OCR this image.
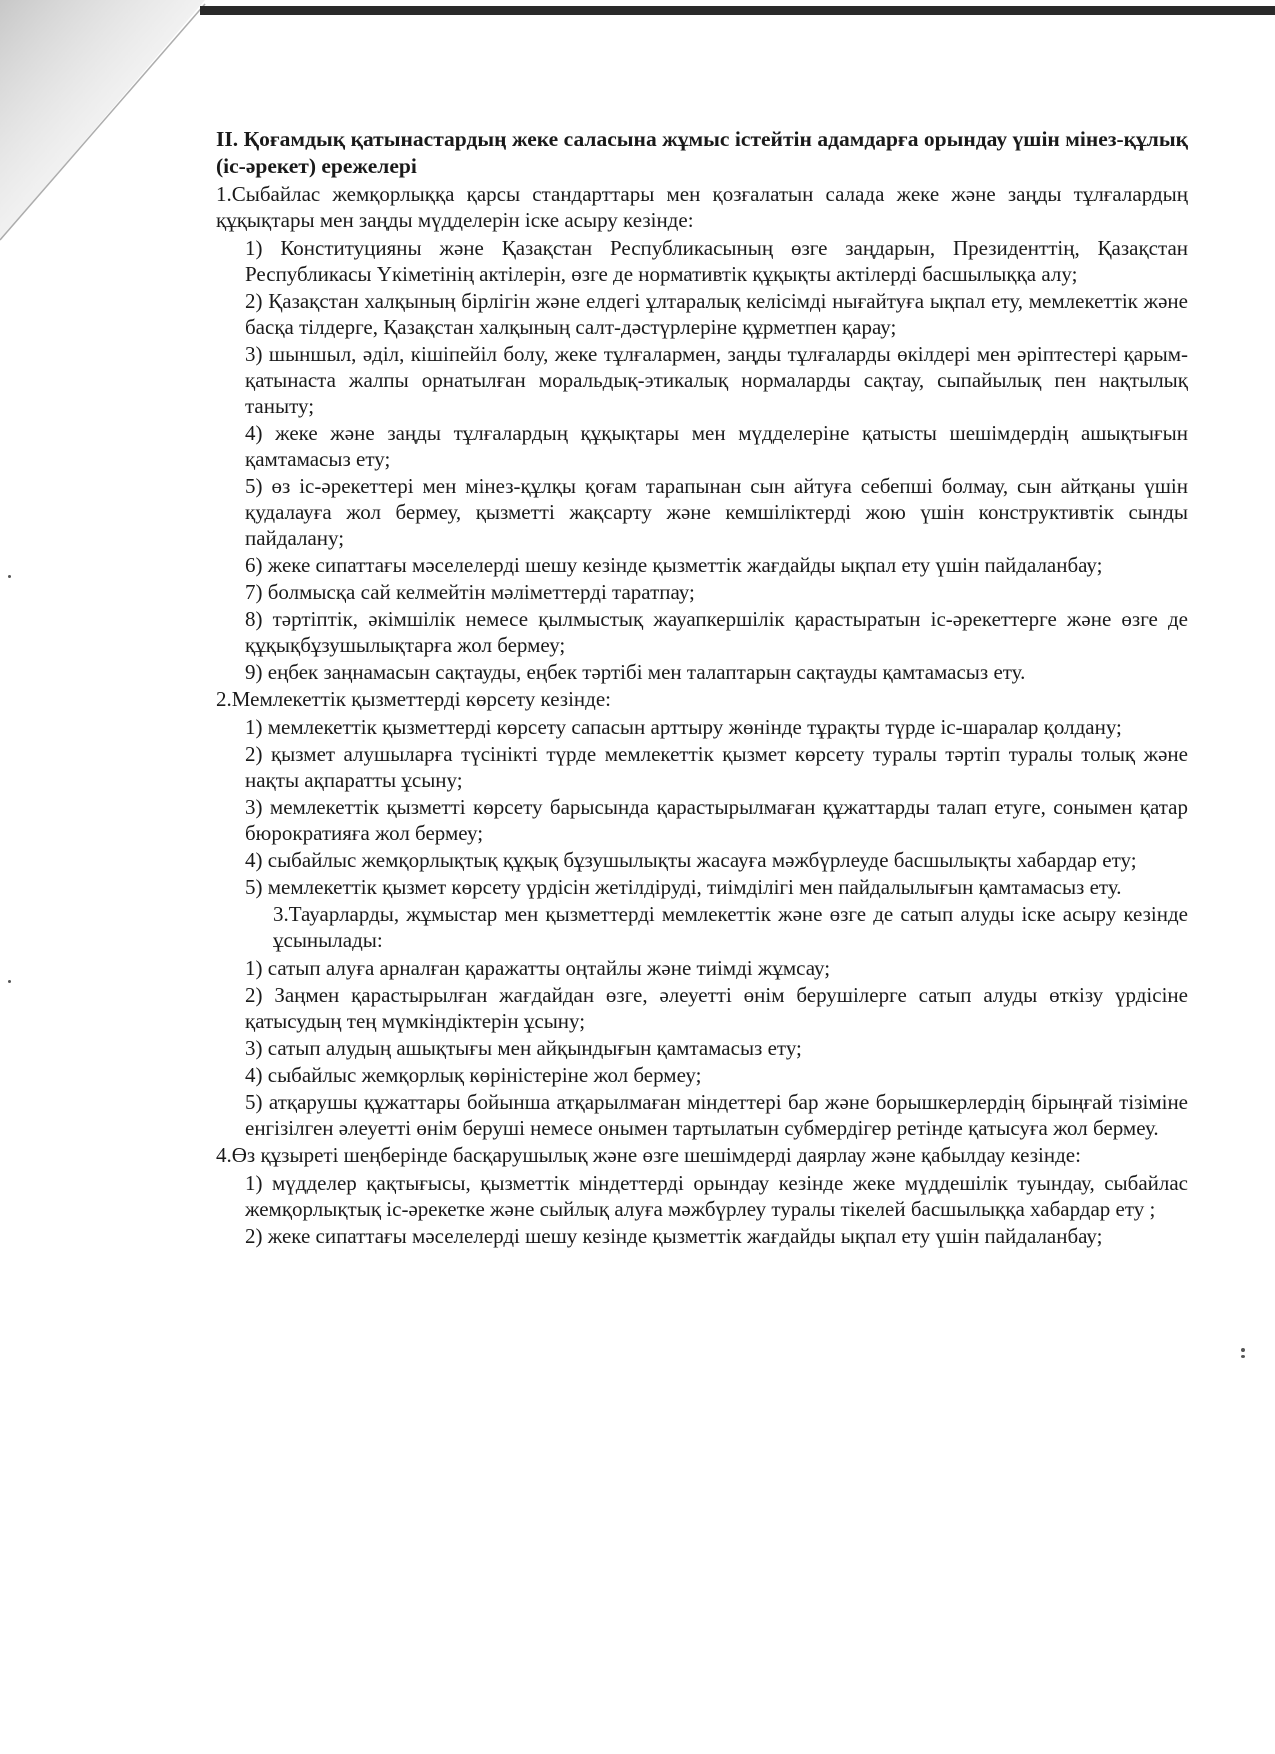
ІІ. Қоғамдық қатынастардың жеке саласына жұмыс істейтін адамдарға орындау үшін мінез-құлық (іс-әрекет) ережелері
1.Сыбайлас жемқорлыққа қарсы стандарттары мен қозғалатын салада жеке және заңды тұлғалардың құқықтары мен заңды мүдделерін іске асыру кезінде:
1) Конституцияны және Қазақстан Республикасының өзге заңдарын, Президенттің, Қазақстан Республикасы Үкіметінің актілерін, өзге де нормативтік құқықты актілерді басшылыққа алу;
2) Қазақстан халқының бірлігін және елдегі ұлтаралық келісімді нығайтуға ықпал ету, мемлекеттік және басқа тілдерге, Қазақстан халқының салт-дәстүрлеріне құрметпен қарау;
3) шыншыл, әділ, кішіпейіл болу, жеке тұлғалармен, заңды тұлғаларды өкілдері мен әріптестері қарым-қатынаста жалпы орнатылған моральдық-этикалық нормаларды сақтау, сыпайылық пен нақтылық таныту;
4) жеке және заңды тұлғалардың құқықтары мен мүдделеріне қатысты шешімдердің ашықтығын қамтамасыз ету;
5) өз іс-әрекеттері мен мінез-құлқы қоғам тарапынан сын айтуға себепші болмау, сын айтқаны үшін қудалауға жол бермеу, қызметті жақсарту және кемшіліктерді жою үшін конструктивтік сынды пайдалану;
6) жеке сипаттағы мәселелерді шешу кезінде қызметтік жағдайды ықпал ету үшін пайдаланбау;
7) болмысқа сай келмейтін мәліметтерді таратпау;
8) тәртіптік, әкімшілік немесе қылмыстық жауапкершілік қарастыратын іс-әрекеттерге және өзге де құқықбұзушылықтарға жол бермеу;
9) еңбек заңнамасын сақтауды, еңбек тәртібі мен талаптарын сақтауды қамтамасыз ету.
2.Мемлекеттік қызметтерді көрсету кезінде:
1) мемлекеттік қызметтерді көрсету сапасын арттыру жөнінде тұрақты түрде іс-шаралар қолдану;
2) қызмет алушыларға түсінікті түрде мемлекеттік қызмет көрсету туралы тәртіп туралы толық және нақты ақпаратты ұсыну;
3) мемлекеттік қызметті көрсету барысында қарастырылмаған құжаттарды талап етуге, сонымен қатар бюрократияға жол бермеу;
4) сыбайлыс жемқорлықтық құқық бұзушылықты жасауға мәжбүрлеуде басшылықты хабардар ету;
5) мемлекеттік қызмет көрсету үрдісін жетілдіруді, тиімділігі мен пайдалылығын қамтамасыз ету.
3.Тауарларды, жұмыстар мен қызметтерді мемлекеттік және өзге де сатып алуды іске асыру кезінде ұсынылады:
1) сатып алуға арналған қаражатты оңтайлы және тиімді жұмсау;
2) Заңмен қарастырылған жағдайдан өзге, әлеуетті өнім берушілерге сатып алуды өткізу үрдісіне қатысудың тең мүмкіндіктерін ұсыну;
3) сатып алудың ашықтығы мен айқындығын қамтамасыз ету;
4) сыбайлыс жемқорлық көріністеріне жол бермеу;
5) атқарушы құжаттары бойынша атқарылмаған міндеттері бар және борышкерлердің бірыңғай тізіміне енгізілген әлеуетті өнім беруші немесе онымен тартылатын субмердігер ретінде қатысуға жол бермеу.
4.Өз құзыреті шеңберінде басқарушылық және өзге шешімдерді даярлау және қабылдау кезінде:
1) мүдделер қақтығысы, қызметтік міндеттерді орындау кезінде жеке мүддешілік туындау, сыбайлас жемқорлықтық іс-әрекетке және сыйлық алуға мәжбүрлеу туралы тікелей басшылыққа хабардар ету ;
2) жеке сипаттағы мәселелерді шешу кезінде қызметтік жағдайды ықпал ету үшін пайдаланбау;
